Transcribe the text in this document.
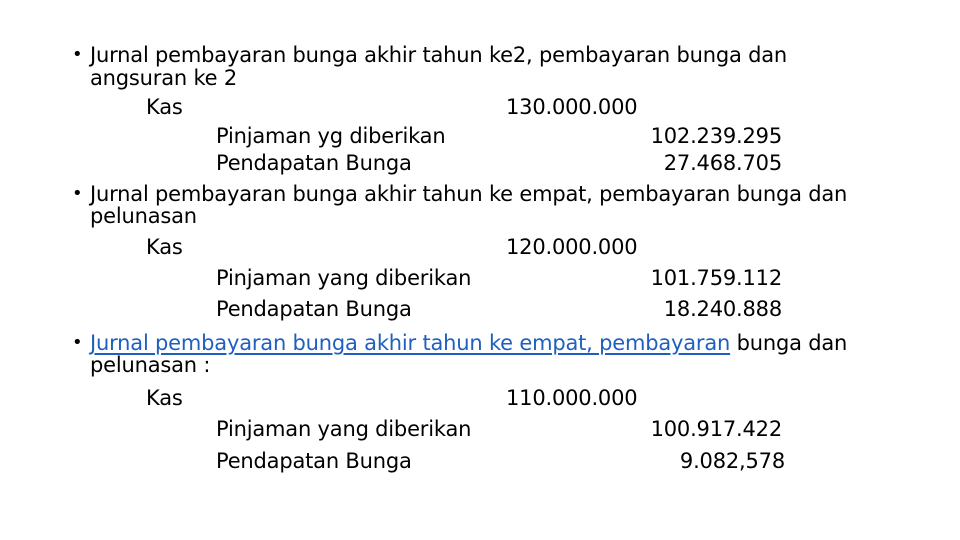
• Jurnal pembayaran bunga akhir tahun ke2, pembayaran bunga dan
angsuran ke 2
Kas	130.000.000
Pinjaman yg diberikan	102.239.295
Pendapatan Bunga	27.468.705
• Jurnal pembayaran bunga akhir tahun ke empat, pembayaran bunga dan
pelunasan
Kas	120.000.000
Pinjaman yang diberikan	101.759.112
Pendapatan Bunga	18.240.888
• Jurnal pembayaran bunga akhir tahun ke empat, pembayaran bunga dan
pelunasan :
Kas	110.000.000
Pinjaman yang diberikan	100.917.422
Pendapatan Bunga	9.082,578
